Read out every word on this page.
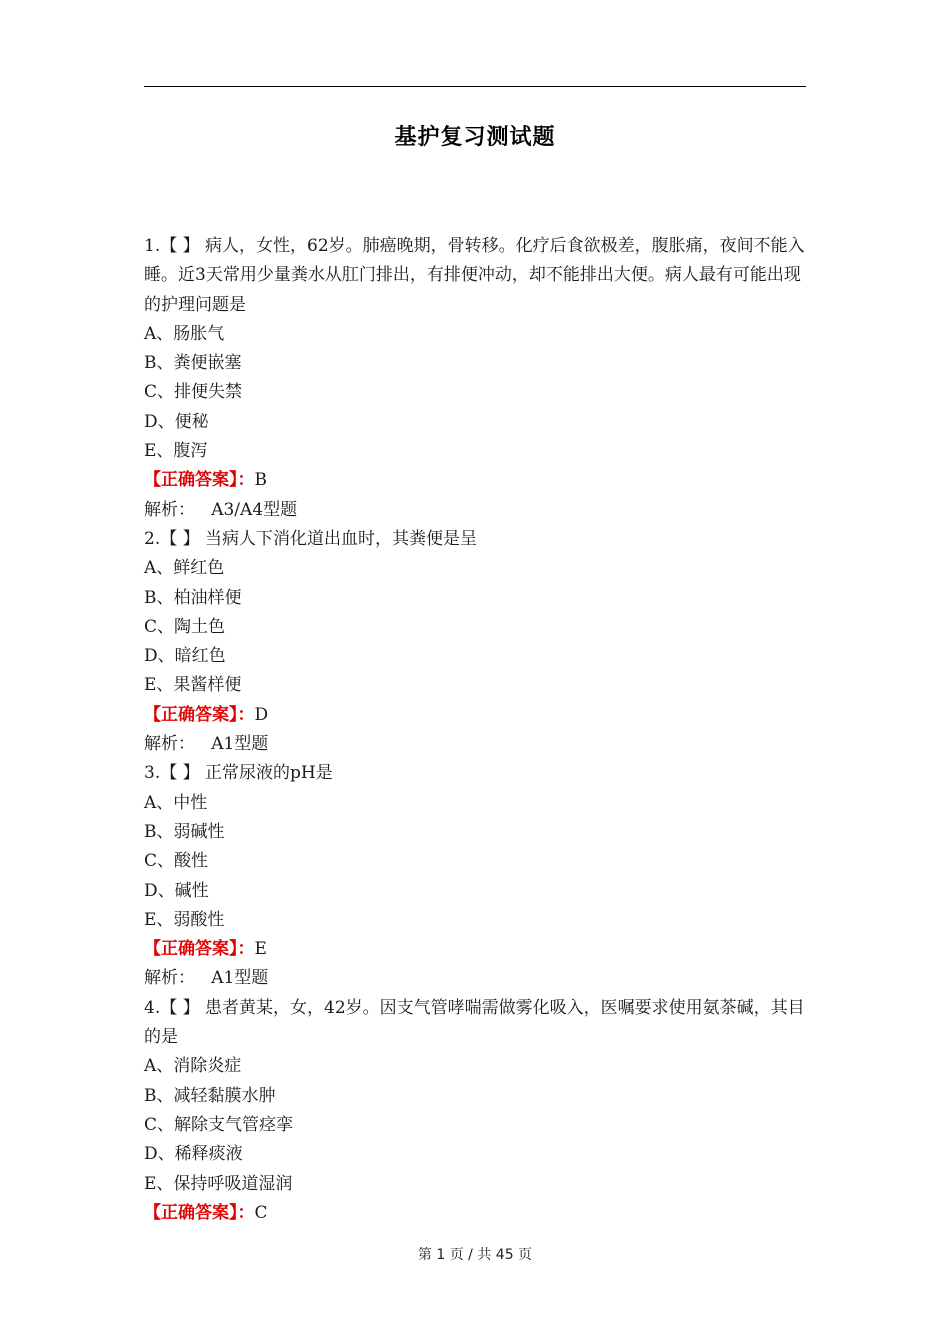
基护复习测试题
1.【 】 病人，女性，62岁。肺癌晚期，骨转移。化疗后食欲极差，腹胀痛，夜间不能入睡。近3天常用少量粪水从肛门排出，有排便冲动，却不能排出大便。病人最有可能出现的护理问题是
A、肠胀气
B、粪便嵌塞
C、排便失禁
D、便秘
E、腹泻
【正确答案】：B
解析： A3/A4型题
2.【 】 当病人下消化道出血时，其粪便是呈
A、鲜红色
B、柏油样便
C、陶土色
D、暗红色
E、果酱样便
【正确答案】：D
解析： A1型题
3.【 】 正常尿液的pH是
A、中性
B、弱碱性
C、酸性
D、碱性
E、弱酸性
【正确答案】：E
解析： A1型题
4.【 】 患者黄某，女，42岁。因支气管哮喘需做雾化吸入，医嘱要求使用氨茶碱，其目的是
A、消除炎症
B、减轻黏膜水肿
C、解除支气管痉挛
D、稀释痰液
E、保持呼吸道湿润
【正确答案】：C
第 1 页 / 共 45 页
